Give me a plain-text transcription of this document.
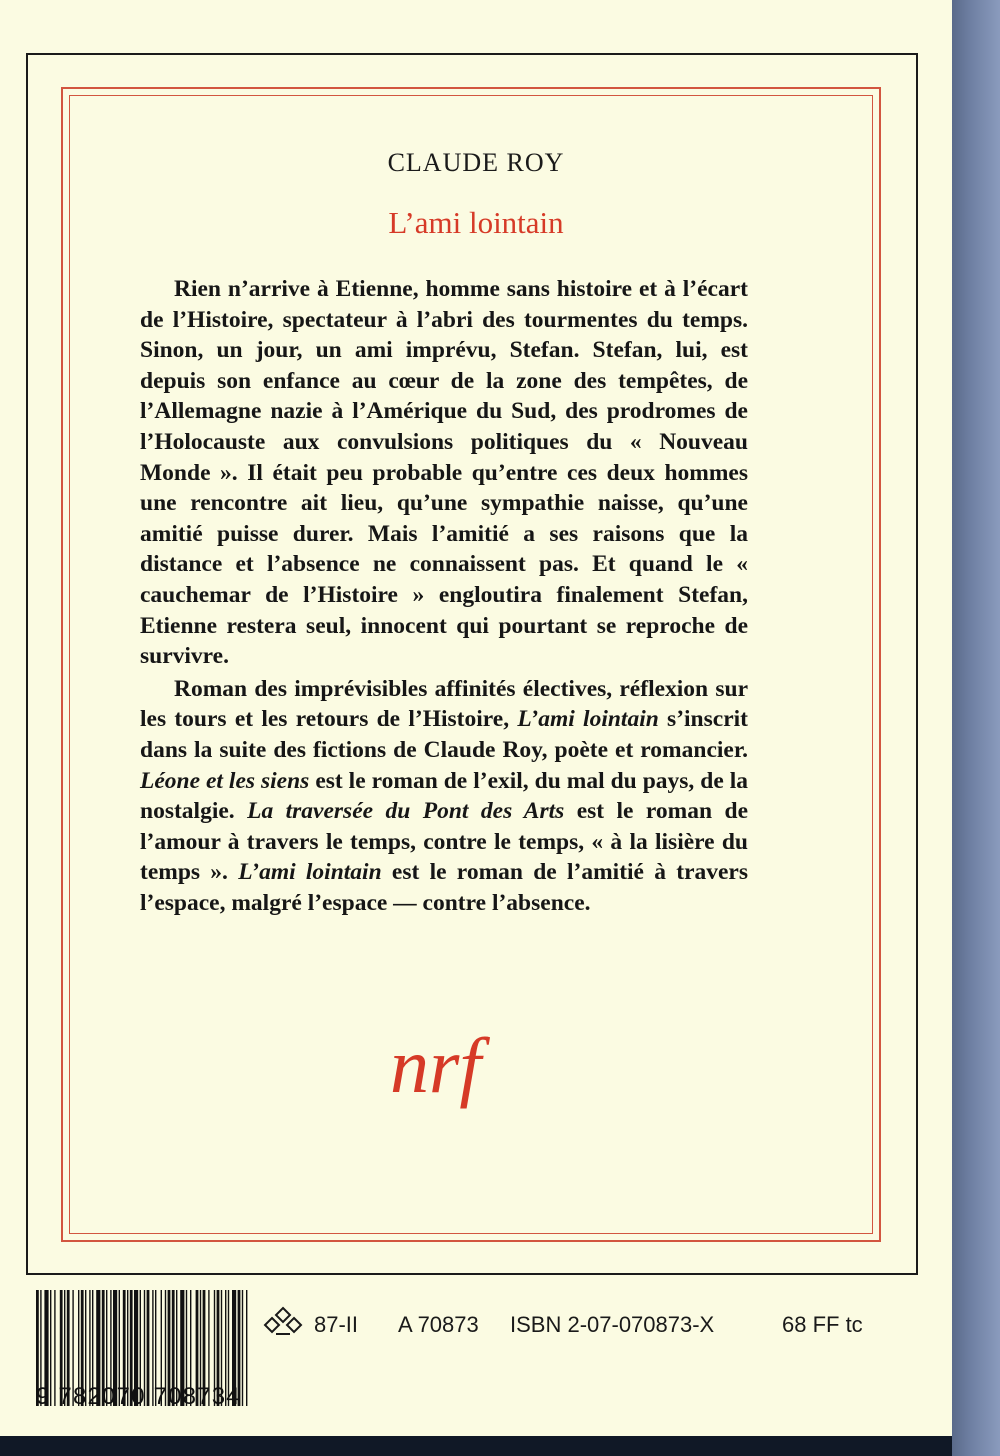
CLAUDE ROY
L’ami lointain

Rien n’arrive à Etienne, homme sans histoire et à l’écart de l’Histoire, spectateur à l’abri des tourmentes du temps. Sinon, un jour, un ami imprévu, Stefan. Stefan, lui, est depuis son enfance au cœur de la zone des tempêtes, de l’Allemagne nazie à l’Amérique du Sud, des prodromes de l’Holocauste aux convulsions politiques du « Nouveau Monde ». Il était peu probable qu’entre ces deux hommes une rencontre ait lieu, qu’une sympathie naisse, qu’une amitié puisse durer. Mais l’amitié a ses raisons que la distance et l’absence ne connaissent pas. Et quand le « cauchemar de l’Histoire » engloutira finalement Stefan, Etienne restera seul, innocent qui pourtant se reproche de survivre.

Roman des imprévisibles affinités électives, réflexion sur les tours et les retours de l’Histoire, L’ami lointain s’inscrit dans la suite des fictions de Claude Roy, poète et romancier. Léone et les siens est le roman de l’exil, du mal du pays, de la nostalgie. La traversée du Pont des Arts est le roman de l’amour à travers le temps, contre le temps, « à la lisière du temps ». L’ami lointain est le roman de l’amitié à travers l’espace, malgré l’espace — contre l’absence.

nrf
9 782070 708734
87-II A 70873 ISBN 2-07-070873-X	68 FF tc
